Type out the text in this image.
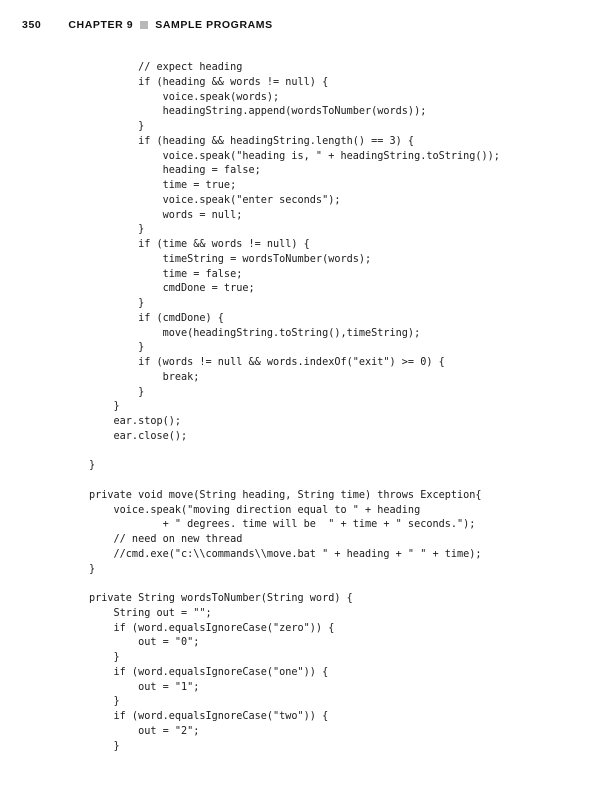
350	CHAPTER 9 SAMPLE PROGRAMS
// expect heading
if (heading && words != null) {
voice.speak(words);
headingString.append(wordsToNumber(words));
}
if (heading && headingString.length() == 3) {
voice.speak("heading is, " + headingString.toString());
heading = false;
time = true;
voice.speak("enter seconds");
words = null;
}
if (time && words != null) {
timeString = wordsToNumber(words);
time = false;
cmdDone = true;
}
if (cmdDone) {
move(headingString.toString(),timeString);
}
if (words != null && words.indexOf("exit") >= 0) {
break;
}
}
ear.stop();
ear.close();

}

private void move(String heading, String time) throws Exception{
voice.speak("moving direction equal to " + heading
+ " degrees. time will be  " + time + " seconds.");
// need on new thread
//cmd.exe("c:\\commands\\move.bat " + heading + " " + time);
}

private String wordsToNumber(String word) {
String out = "";
if (word.equalsIgnoreCase("zero")) {
out = "0";
}
if (word.equalsIgnoreCase("one")) {
out = "1";
}
if (word.equalsIgnoreCase("two")) {
out = "2";
}
